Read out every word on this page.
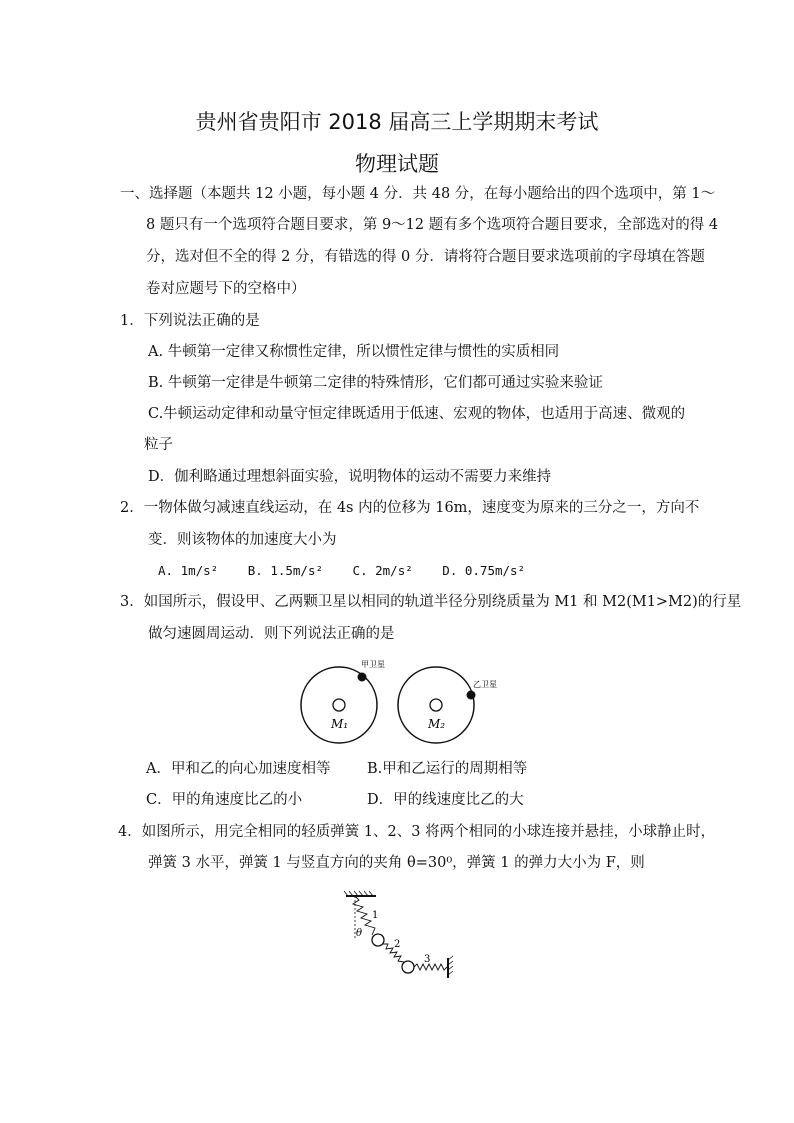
贵州省贵阳市 2018 届高三上学期期末考试
物理试题
一、选择题（本题共 12 小题，每小题 4 分．共 48 分，在每小题给出的四个选项中，第 1～
8 题只有一个选项符合题目要求，第 9～12 题有多个选项符合题目要求，全部选对的得 4
分，选对但不全的得 2 分，有错选的得 0 分．请将符合题目要求选项前的字母填在答题
卷对应题号下的空格中）
1．下列说法正确的是
A. 牛顿第一定律又称惯性定律，所以惯性定律与惯性的实质相同
B. 牛顿第一定律是牛顿第二定律的特殊情形，它们都可通过实验来验证
C.牛顿运动定律和动量守恒定律既适用于低速、宏观的物体，也适用于高速、微观的
粒子
D．伽利略通过理想斜面实验，说明物体的运动不需要力来维持
2．一物体做匀减速直线运动，在 4s 内的位移为 16m，速度变为原来的三分之一，方向不
变．则该物体的加速度大小为
A. 1m/s² B. 1.5m/s² C. 2m/s² D. 0.75m/s²
3．如国所示，假设甲、乙两颗卫星以相同的轨道半径分别绕质量为 M1 和 M2(M1>M2)的行星
做匀速圆周运动．则下列说法正确的是
甲卫星
M₁
乙卫星
M₂
A．甲和乙的向心加速度相等	B.甲和乙运行的周期相等
C．甲的角速度比乙的小	D．甲的线速度比乙的大
4．如图所示，用完全相同的轻质弹簧 1、2、3 将两个相同的小球连接并悬挂，小球静止时，
弹簧 3 水平，弹簧 1 与竖直方向的夹角 θ=30⁰，弹簧 1 的弹力大小为 F，则
1
2
3
θ
